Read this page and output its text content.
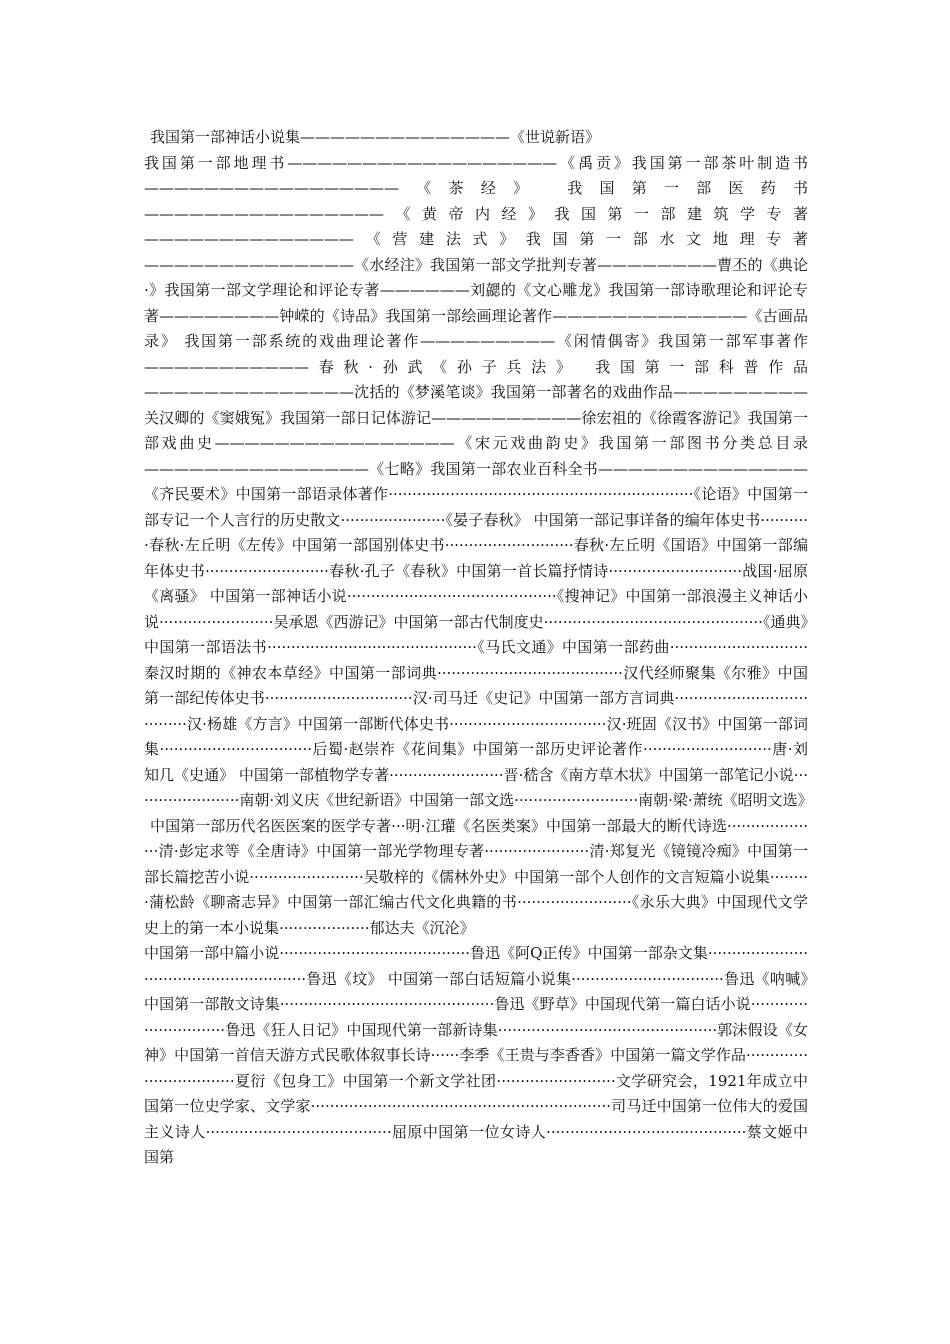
我国第一部神话小说集——————————————《世说新语》

我国第一部地理书——————————————————《禹贡》我国第一部茶叶制造书—————————————————《茶经》 我国第一部医药书————————————————《黄帝内经》我国第一部建筑学专著——————————————《营建法式》我国第一部水文地理专著——————————————《水经注》我国第一部文学批判专著————————曹丕的《典论·》我国第一部文学理论和评论专著——————刘勰的《文心雕龙》我国第一部诗歌理论和评论专著————————钟嵘的《诗品》我国第一部绘画理论著作—————————————《古画品录》 我国第一部系统的戏曲理论著作—————————《闲情偶寄》我国第一部军事著作———————————春秋·孙武《孙子兵法》 我国第一部科普作品——————————————沈括的《梦溪笔谈》我国第一部著名的戏曲作品—————————关汉卿的《窦娥冤》我国第一部日记体游记——————————徐宏祖的《徐霞客游记》我国第一部戏曲史————————————————《宋元戏曲韵史》我国第一部图书分类总目录———————————————《七略》我国第一部农业百科全书——————————————《齐民要术》中国第一部语录体著作································································《论语》中国第一部专记一个人言行的历史散文······················《晏子春秋》 中国第一部记事详备的编年体史书···········春秋·左丘明《左传》中国第一部国别体史书···························春秋·左丘明《国语》中国第一部编年体史书··························春秋·孔子《春秋》中国第一首长篇抒情诗····························战国·屈原《离骚》 中国第一部神话小说············································《搜神记》中国第一部浪漫主义神话小说························吴承恩《西游记》中国第一部古代制度史··············································《通典》中国第一部语法书············································《马氏文通》中国第一部药曲·····························秦汉时期的《神农本草经》中国第一部词典·······································汉代经师聚集《尔雅》中国第一部纪传体史书·······························汉·司马迁《史记》中国第一部方言词典·····································汉·杨雄《方言》中国第一部断代体史书·································汉·班固《汉书》中国第一部词集································后蜀·赵崇祚《花间集》中国第一部历史评论著作···························唐·刘知几《史通》 中国第一部植物学专著························晋·嵇含《南方草木状》中国第一部笔记小说·······················南朝·刘义庆《世纪新语》中国第一部文选··························南朝·梁·萧统《昭明文选》

中国第一部历代名医医案的医学专著···明·江瓘《名医类案》中国第一部最大的断代诗选····················清·彭定求等《全唐诗》中国第一部光学物理专著······················清·郑复光《镜镜冷痴》中国第一部长篇挖苦小说························吴敬梓的《儒林外史》中国第一部个人创作的文言短篇小说集·········蒲松龄《聊斋志异》中国第一部汇编古代文化典籍的书························《永乐大典》中国现代文学史上的第一本小说集···················郁达夫《沉沦》

中国第一部中篇小说········································鲁迅《阿Q正传》中国第一部杂文集·······················································鲁迅《坟》 中国第一部白话短篇小说集································鲁迅《呐喊》中国第一部散文诗集·············································鲁迅《野草》中国现代第一篇白话小说·····························鲁迅《狂人日记》中国现代第一部新诗集··············································郭沫假设《女神》中国第一首信天游方式民歌体叙事长诗······李季《王贵与李香香》中国第一篇文学作品································夏衍《包身工》中国第一个新文学社团·························文学研究会，1921年成立中国第一位史学家、文学家·······························································司马迁中国第一位伟大的爱国主义诗人·······································屈原中国第一位女诗人··········································蔡文姬中国第
